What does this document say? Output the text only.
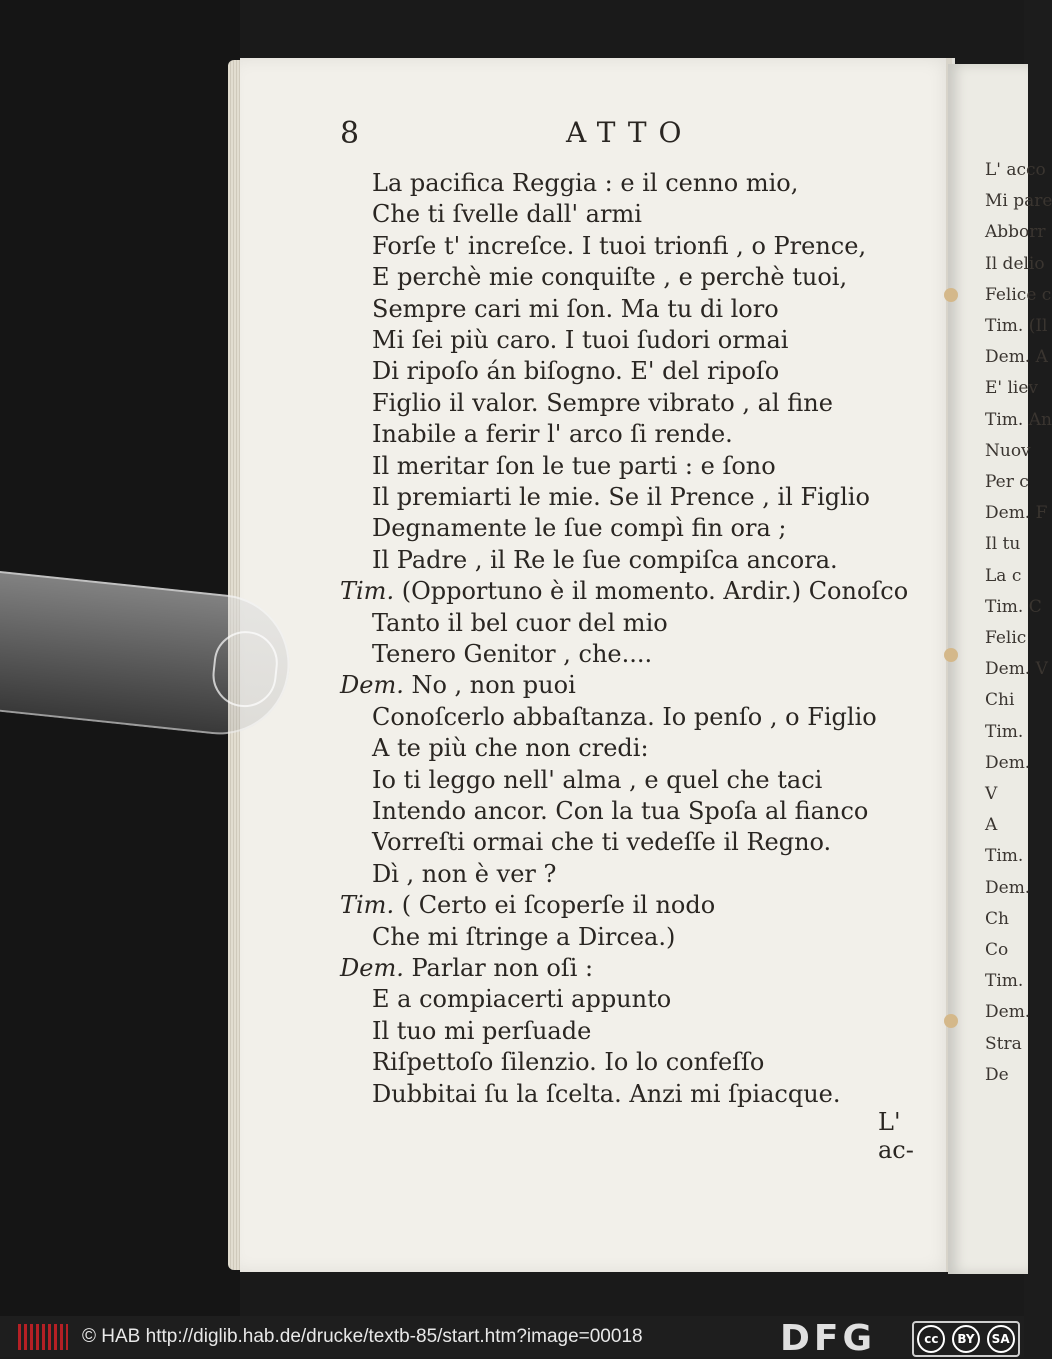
8	ATTO
La pacifica Reggia : e il cenno mio,
Che ti ſvelle dall' armi
Forſe t' increſce. I tuoi trionfi , o Prence,
E perchè mie conquiſte , e perchè tuoi,
Sempre cari mi ſon. Ma tu di loro
Mi ſei più caro. I tuoi ſudori ormai
Di ripoſo án biſogno. E' del ripoſo
Figlio il valor. Sempre vibrato , al fine
Inabile a ferir l' arco ſi rende.
Il meritar ſon le tue parti : e ſono
Il premiarti le mie. Se il Prence , il Figlio
Degnamente le ſue compì fin ora ;
Il Padre , il Re le ſue compiſca ancora.
Tim. (Opportuno è il momento. Ardir.) Conoſco
Tanto il bel cuor del mio
Tenero Genitor , che....
Dem. No , non puoi
Conoſcerlo abbaſtanza. Io penſo , o Figlio
A te più che non credi:
Io ti leggo nell' alma , e quel che taci
Intendo ancor. Con la tua Spoſa al fianco
Vorreſti ormai che ti vedeſſe il Regno.
Dì , non è ver ?
Tim. ( Certo ei ſcoperſe il nodo
Che mi ſtringe a Dircea.)
Dem. Parlar non oſi :
E a compiacerti appunto
Il tuo mi perſuade
Riſpettoſo ſilenzio. Io lo confeſſo
Dubbitai ſu la ſcelta. Anzi mi ſpiacque.
L' ac-
L' acco
Mi pare
Abborr
Il delio
Felice c
Tim. (Il
Dem. A
E' liev
Tim. An
Nuov
Per c
Dem. F
Il tu
La c
Tim. C
Felic
Dem. V
Chi
Tim.
Dem.
V
A
Tim.
Dem.
Ch
Co
Tim.
Dem.
Stra
De
© HAB http://diglib.hab.de/drucke/textb-85/start.htm?image=00018	DFG	cc	BY	SA
